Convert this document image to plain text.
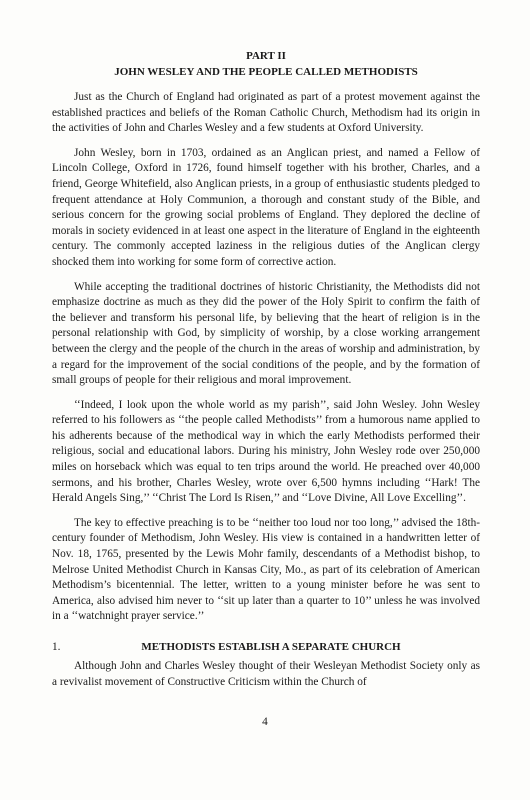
PART II
JOHN WESLEY AND THE PEOPLE CALLED METHODISTS

Just as the Church of England had originated as part of a protest movement against the established practices and beliefs of the Roman Catholic Church, Methodism had its origin in the activities of John and Charles Wesley and a few students at Oxford University.

John Wesley, born in 1703, ordained as an Anglican priest, and named a Fellow of Lincoln College, Oxford in 1726, found himself together with his brother, Charles, and a friend, George Whitefield, also Anglican priests, in a group of enthusiastic students pledged to frequent attendance at Holy Communion, a thorough and constant study of the Bible, and serious concern for the growing social problems of England. They deplored the decline of morals in society evidenced in at least one aspect in the literature of England in the eighteenth century. The commonly accepted laziness in the religious duties of the Anglican clergy shocked them into working for some form of corrective action.

While accepting the traditional doctrines of historic Christianity, the Methodists did not emphasize doctrine as much as they did the power of the Holy Spirit to confirm the faith of the believer and transform his personal life, by believing that the heart of religion is in the personal relationship with God, by simplicity of worship, by a close working arrangement between the clergy and the people of the church in the areas of worship and administration, by a regard for the improvement of the social conditions of the people, and by the formation of small groups of people for their religious and moral improvement.

‘‘Indeed, I look upon the whole world as my parish’’, said John Wesley. John Wesley referred to his followers as ‘‘the people called Methodists’’ from a humorous name applied to his adherents because of the methodical way in which the early Methodists performed their religious, social and educational labors. During his ministry, John Wesley rode over 250,000 miles on horseback which was equal to ten trips around the world. He preached over 40,000 sermons, and his brother, Charles Wesley, wrote over 6,500 hymns including ‘‘Hark! The Herald Angels Sing,’’ ‘‘Christ The Lord Is Risen,’’ and ‘‘Love Divine, All Love Excelling’’.

The key to effective preaching is to be ‘‘neither too loud nor too long,’’ advised the 18th-century founder of Methodism, John Wesley. His view is contained in a handwritten letter of Nov. 18, 1765, presented by the Lewis Mohr family, descendants of a Methodist bishop, to Melrose United Methodist Church in Kansas City, Mo., as part of its celebration of American Methodism’s bicentennial. The letter, written to a young minister before he was sent to America, also advised him never to ‘‘sit up later than a quarter to 10’’ unless he was involved in a ‘‘watchnight prayer service.’’

1.	METHODISTS ESTABLISH A SEPARATE CHURCH

Although John and Charles Wesley thought of their Wesleyan Methodist Society only as a revivalist movement of Constructive Criticism within the Church of

4
